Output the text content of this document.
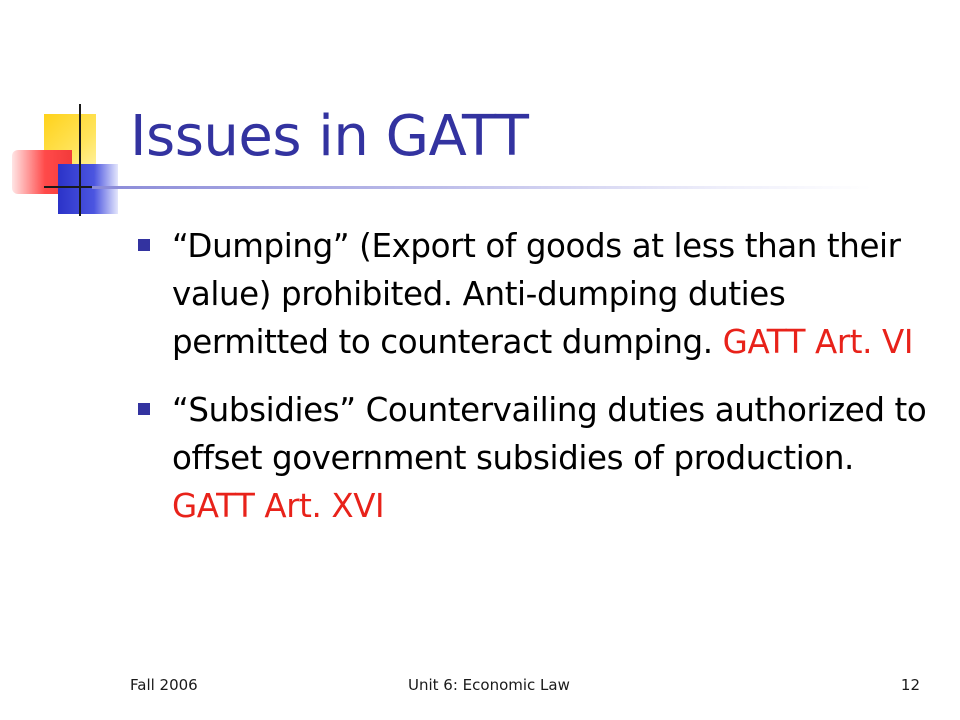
Issues in GATT
“Dumping” (Export of goods at less than their value) prohibited. Anti-dumping duties permitted to counteract dumping. GATT Art. VI
“Subsidies” Countervailing duties authorized to offset government subsidies of production. GATT Art. XVI
Fall 2006	Unit 6: Economic Law	12
